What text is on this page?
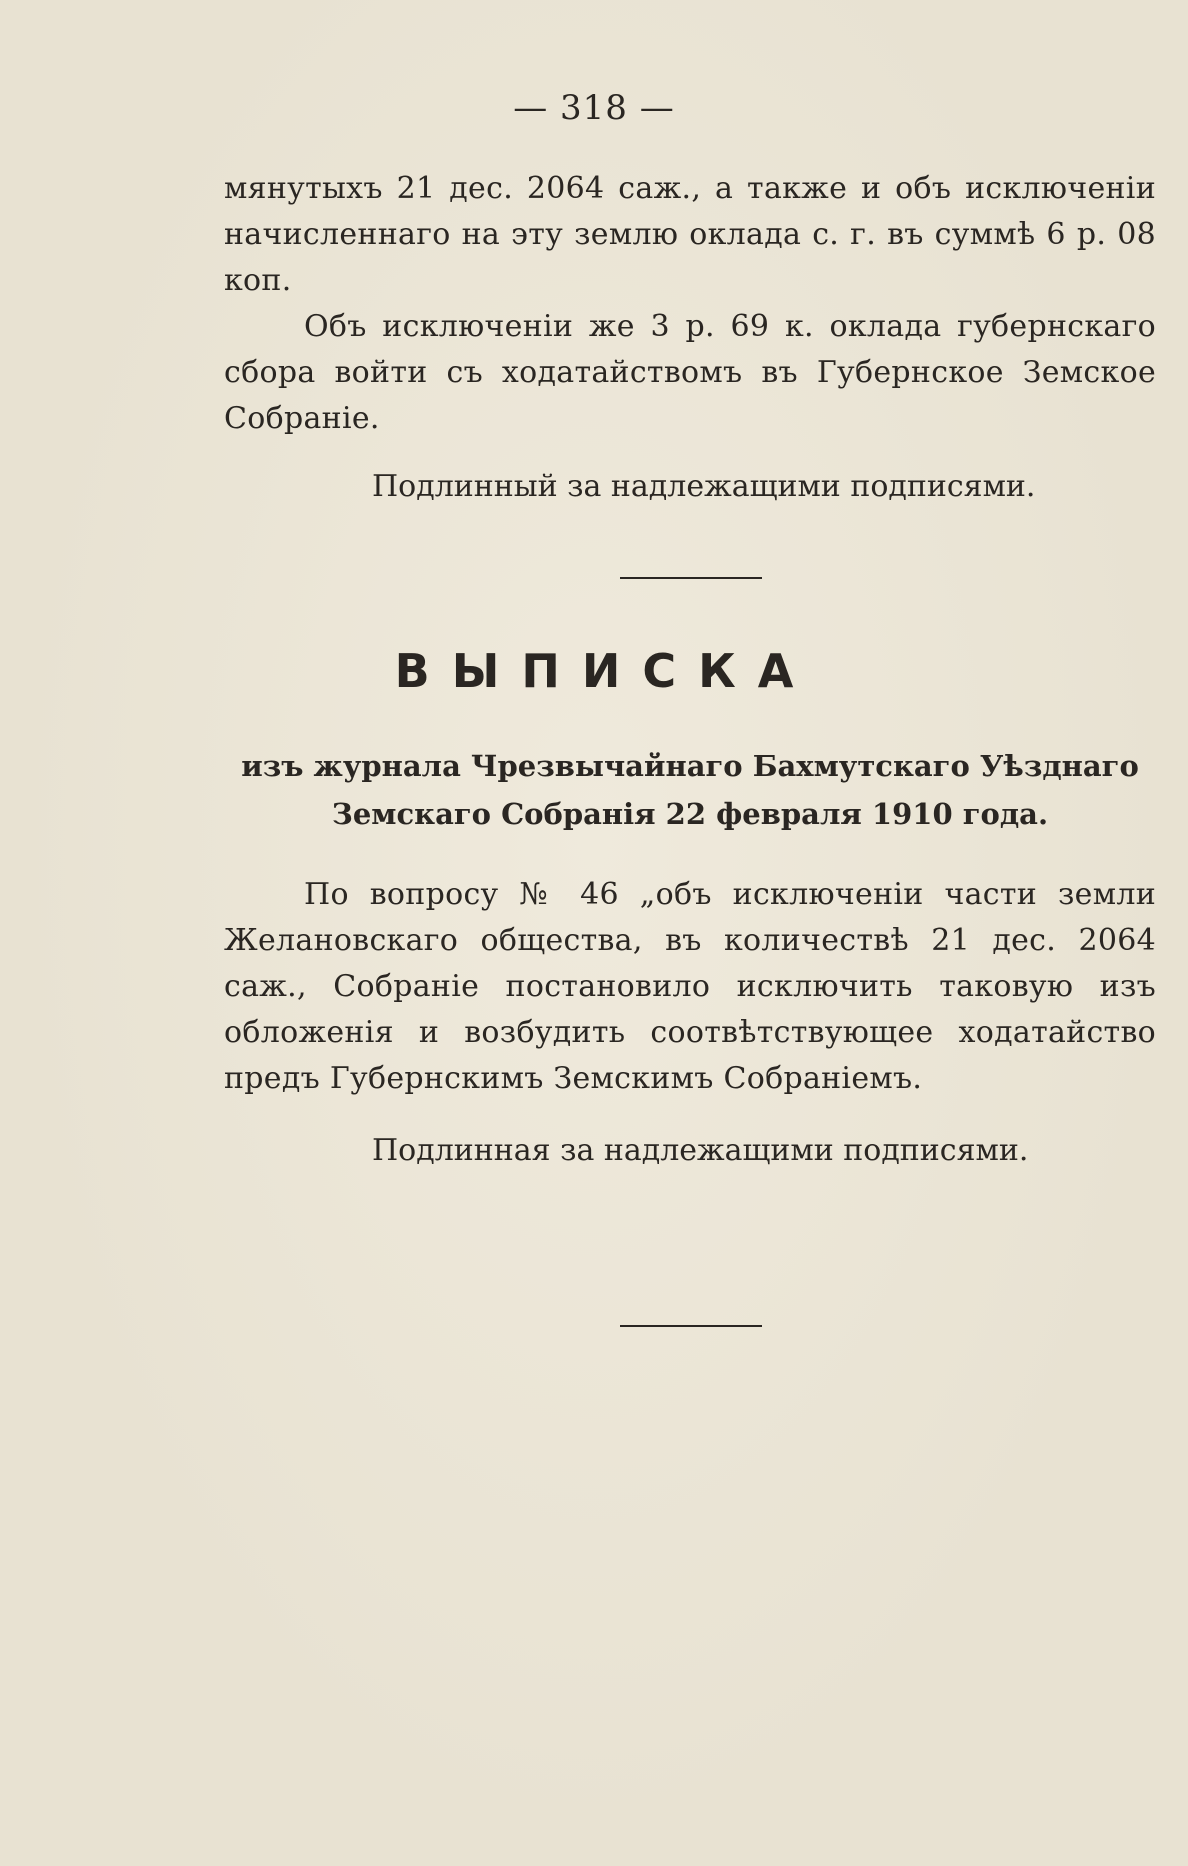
— 318 —
мянутыхъ 21 дес. 2064 саж., а также и объ исключенiи начисленнаго на эту землю оклада с. г. въ суммѣ 6 р. 08 коп.
Объ исключенiи же 3 р. 69 к. оклада губернскаго сбора войти съ ходатайствомъ въ Губернское Земское Собранiе.
Подлинный за надлежащими подписями.
ВЫПИСКА
изъ журнала Чрезвычайнаго Бахмутскаго Уѣзднаго
Земскаго Собранiя 22 февраля 1910 года.
По вопросу № 46 „объ исключенiи части земли Желановскаго общества, въ количествѣ 21 дес. 2064 саж., Собранiе постановило исключить таковую изъ обложенiя и возбудить соотвѣтствующее ходатайство предъ Губернскимъ Земскимъ Собранiемъ.
Подлинная за надлежащими подписями.
